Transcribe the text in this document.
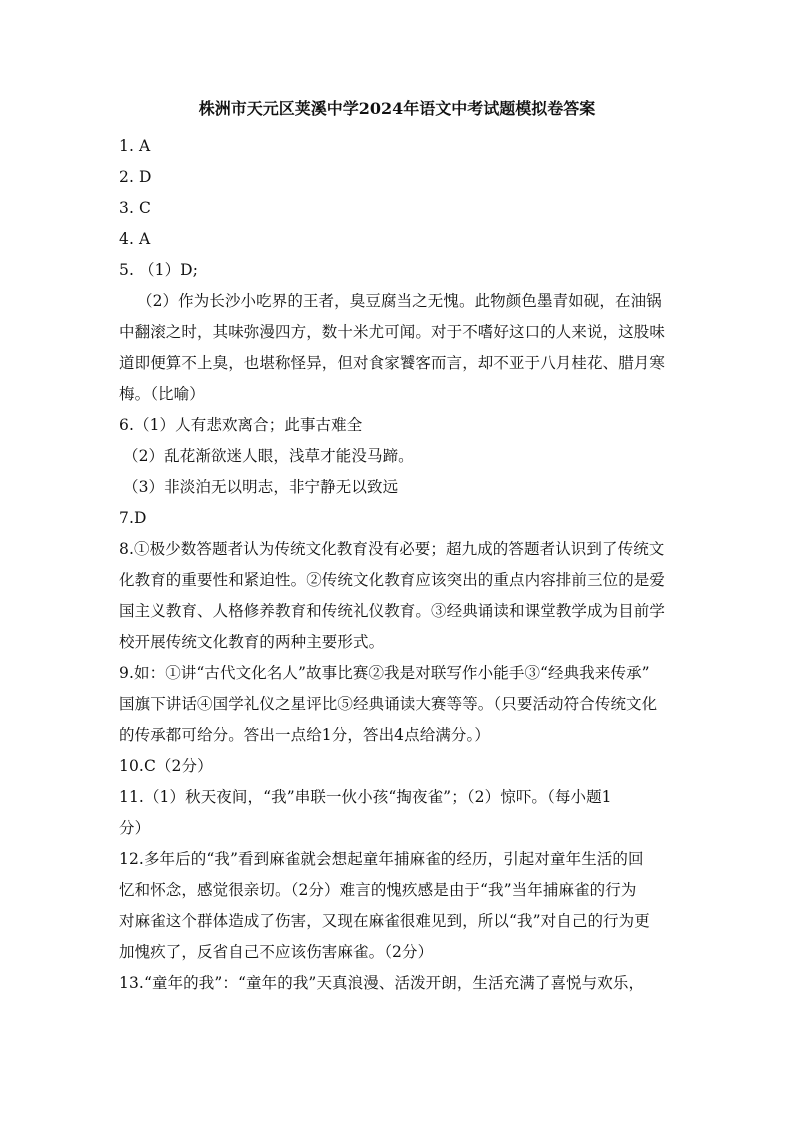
株洲市天元区荚溪中学2024年语文中考试题模拟卷答案
1. A
2. D
3. C
4. A
5. （1）D;
（2）作为长沙小吃界的王者，臭豆腐当之无愧。此物颜色墨青如砚，在油锅
中翻滚之时，其味弥漫四方，数十米尤可闻。对于不嗜好这口的人来说，这股味
道即便算不上臭，也堪称怪异，但对食家饕客而言，却不亚于八月桂花、腊月寒
梅。（比喻）
6.（1）人有悲欢离合；此事古难全
（2）乱花渐欲迷人眼，浅草才能没马蹄。
（3）非淡泊无以明志，非宁静无以致远
7.D
8.①极少数答题者认为传统文化教育没有必要；超九成的答题者认识到了传统文
化教育的重要性和紧迫性。②传统文化教育应该突出的重点内容排前三位的是爱
国主义教育、人格修养教育和传统礼仪教育。③经典诵读和课堂教学成为目前学
校开展传统文化教育的两种主要形式。
9.如：①讲“古代文化名人”故事比赛②我是对联写作小能手③“经典我来传承”
国旗下讲话④国学礼仪之星评比⑤经典诵读大赛等等。（只要活动符合传统文化
的传承都可给分。答出一点给1分，答出4点给满分。）
10.C（2分）
11.（1）秋天夜间，“我”串联一伙小孩“掏夜雀”；（2）惊吓。（每小题1
分）
12.多年后的“我”看到麻雀就会想起童年捕麻雀的经历，引起对童年生活的回
忆和怀念，感觉很亲切。（2分）难言的愧疚感是由于“我”当年捕麻雀的行为
对麻雀这个群体造成了伤害，又现在麻雀很难见到，所以“我”对自己的行为更
加愧疚了，反省自己不应该伤害麻雀。（2分）
13.“童年的我”：“童年的我”天真浪漫、活泼开朗，生活充满了喜悦与欢乐，
